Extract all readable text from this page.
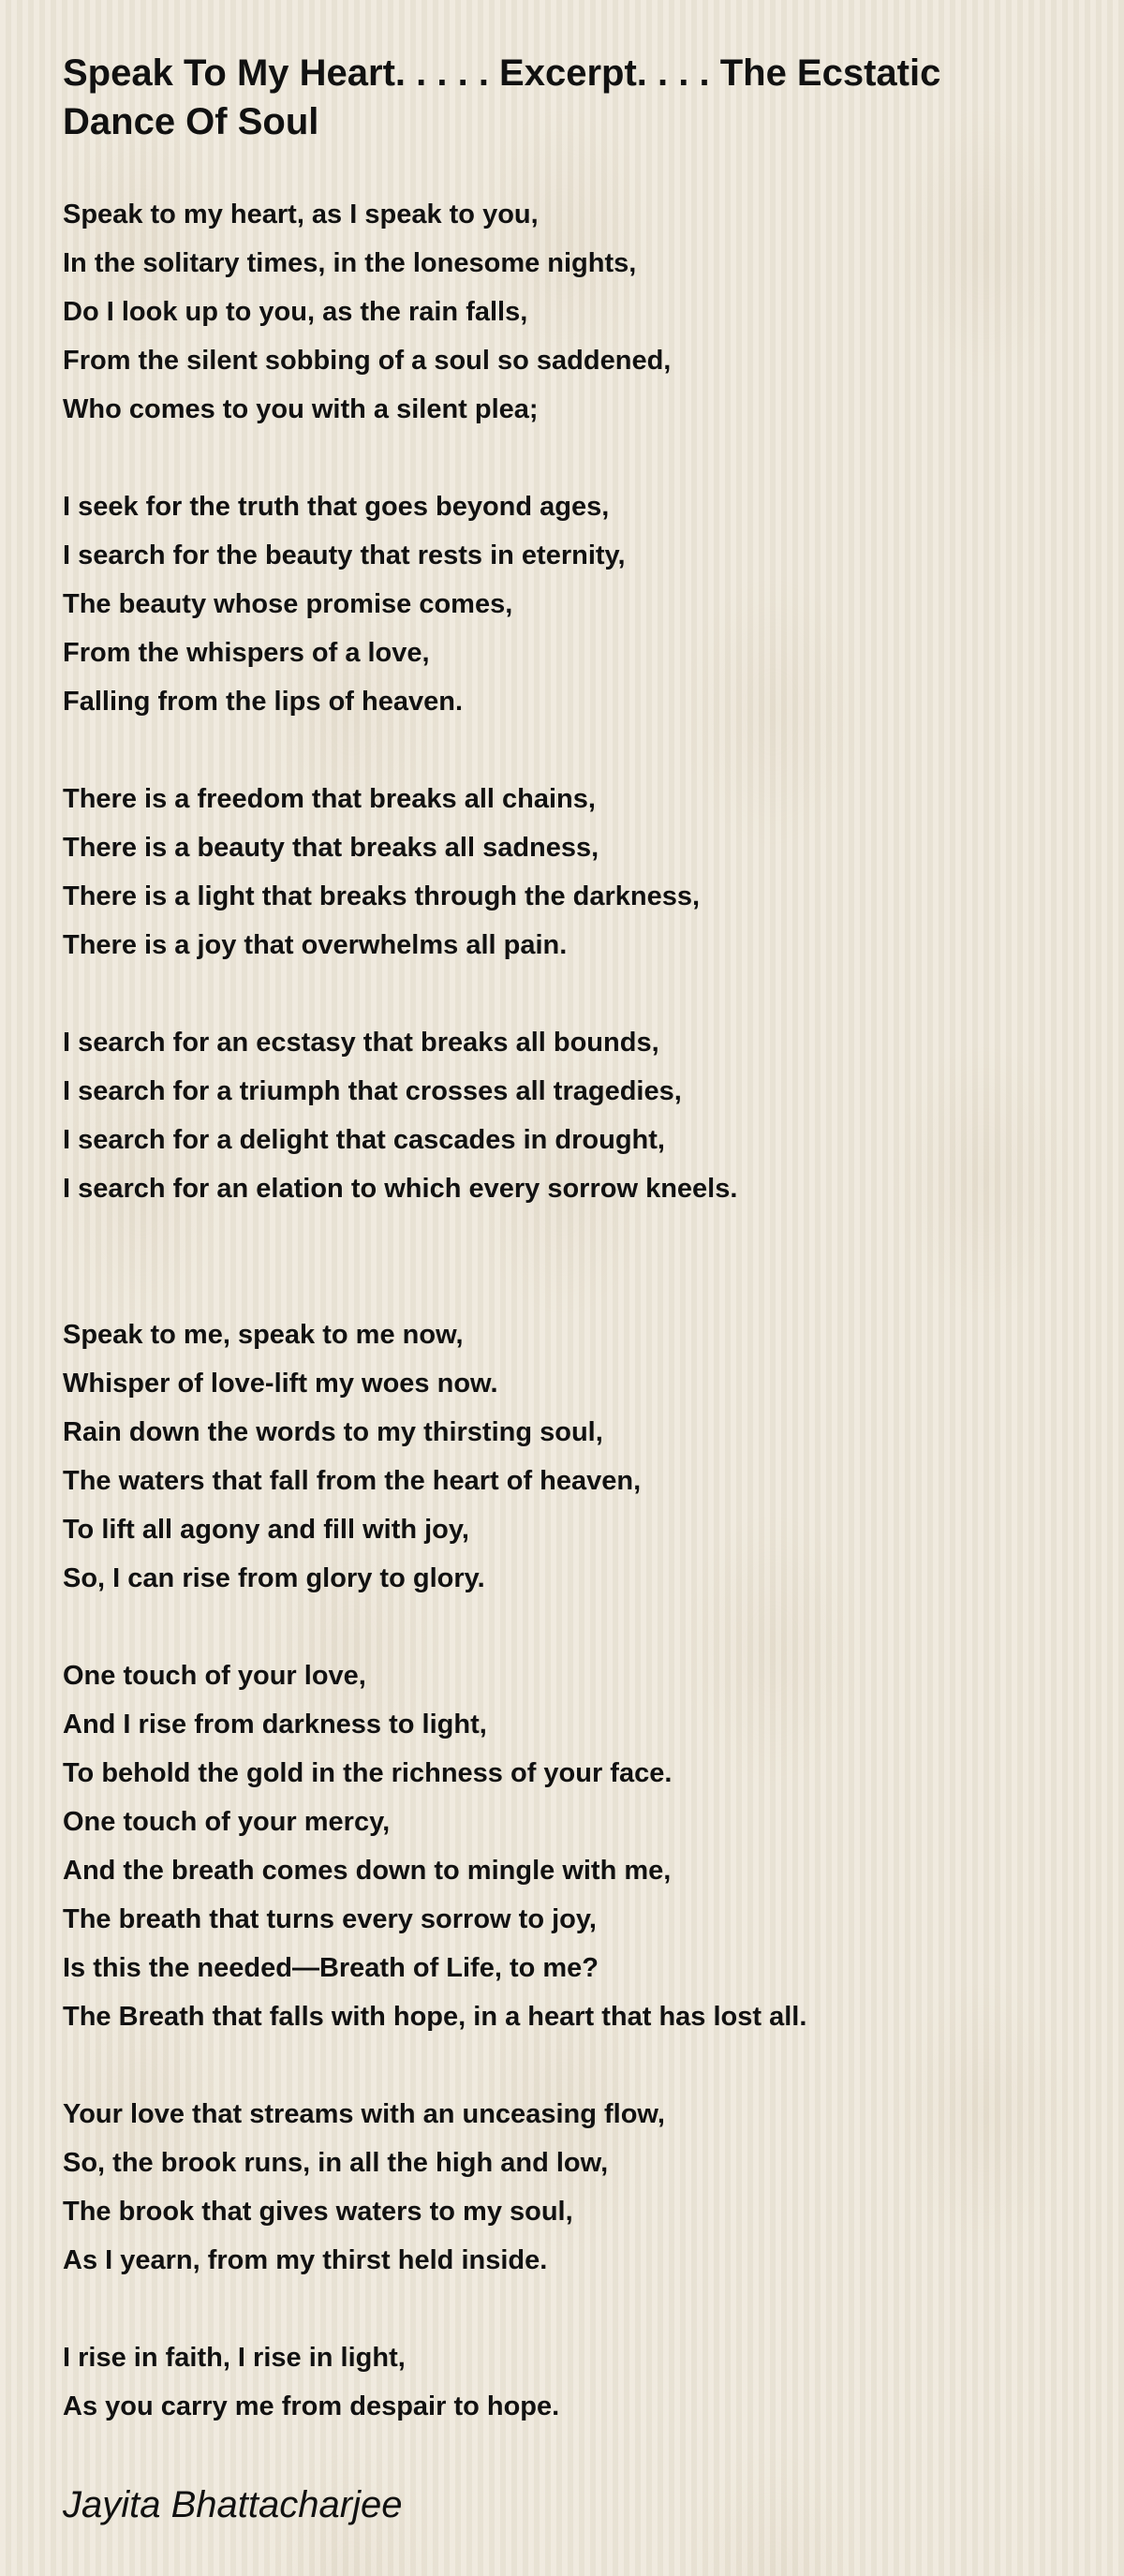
Speak To My Heart. . . . . Excerpt. . . . The Ecstatic Dance Of Soul
Speak to my heart, as I speak to you,
In the solitary times, in the lonesome nights,
Do I look up to you, as the rain falls,
From the silent sobbing of a soul so saddened,
Who comes to you with a silent plea;
I seek for the truth that goes beyond ages,
I search for the beauty that rests in eternity,
The beauty whose promise comes,
From the whispers of a love,
Falling from the lips of heaven.
There is a freedom that breaks all chains,
There is a beauty that breaks all sadness,
There is a light that breaks through the darkness,
There is a joy that overwhelms all pain.
I search for an ecstasy that breaks all bounds,
I search for a triumph that crosses all tragedies,
I search for a delight that cascades in drought,
I search for an elation to which every sorrow kneels.
Speak to me, speak to me now,
Whisper of love-lift my woes now.
Rain down the words to my thirsting soul,
The waters that fall from the heart of heaven,
To lift all agony and fill with joy,
So, I can rise from glory to glory.
One touch of your love,
And I rise from darkness to light,
To behold the gold in the richness of your face.
One touch of your mercy,
And the breath comes down to mingle with me,
The breath that turns every sorrow to joy,
Is this the needed—Breath of Life, to me?
The Breath that falls with hope, in a heart that has lost all.
Your love that streams with an unceasing flow,
So, the brook runs, in all the high and low,
The brook that gives waters to my soul,
As I yearn, from my thirst held inside.
I rise in faith, I rise in light,
As you carry me from despair to hope.
Jayita Bhattacharjee
